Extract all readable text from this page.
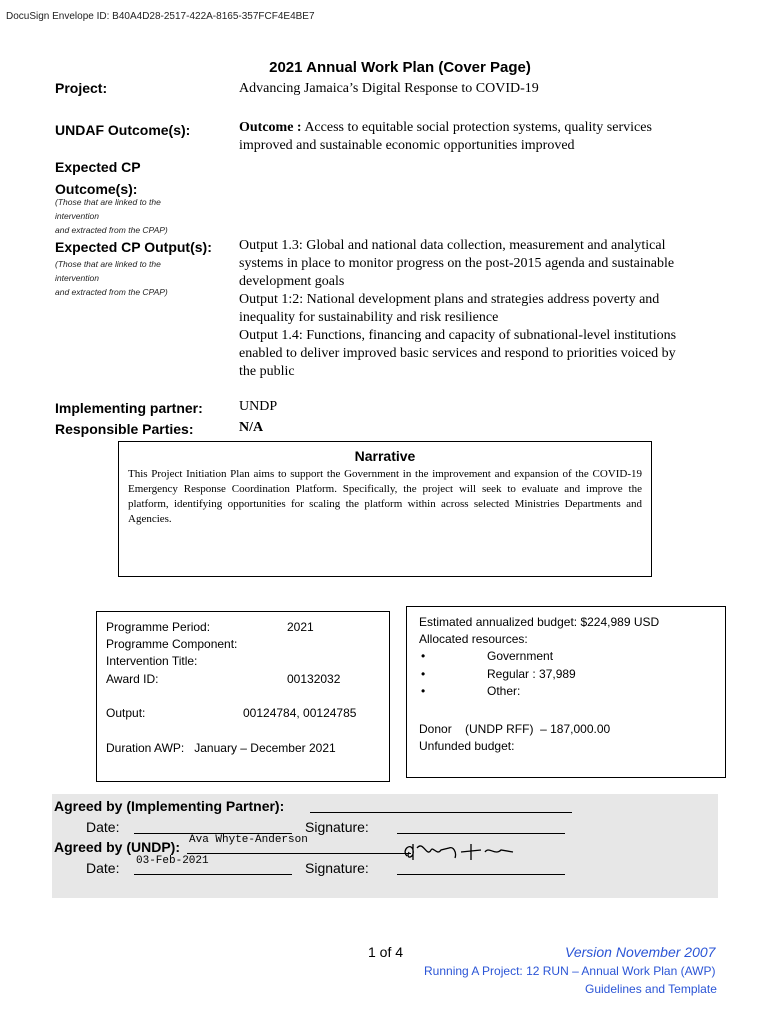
DocuSign Envelope ID: B40A4D28-2517-422A-8165-357FCF4E4BE7
2021 Annual Work Plan (Cover Page)
Project:	Advancing Jamaica’s Digital Response to COVID-19
UNDAF Outcome(s):	Outcome : Access to equitable social protection systems, quality services
improved and sustainable economic opportunities improved
Expected CP
Outcome(s):
(Those that are linked to the
intervention
and extracted from the CPAP)
Expected CP Output(s):
(Those that are linked to the
intervention
and extracted from the CPAP)
Output 1.3: Global and national data collection, measurement and analytical
systems in place to monitor progress on the post-2015 agenda and sustainable
development goals
Output 1:2: National development plans and strategies address poverty and
inequality for sustainability and risk resilience
Output 1.4: Functions, financing and capacity of subnational-level institutions
enabled to deliver improved basic services and respond to priorities voiced by
the public
Implementing partner:	UNDP
Responsible Parties:	N/A
Narrative
This Project Initiation Plan aims to support the Government in the improvement and expansion of the COVID-19 Emergency Response Coordination Platform. Specifically, the project will seek to evaluate and improve the platform, identifying opportunities for scaling the platform within across selected Ministries Departments and Agencies.
Programme Period:	2021
Programme Component:
Intervention Title:
Award ID:	00132032
Output:	00124784, 00124785
Duration AWP:   January – December 2021
Estimated annualized budget: $224,989 USD
Allocated resources:
•	Government
•	Regular : 37,989
•	Other:
Donor    (UNDP RFF)  – 187,000.00
Unfunded budget:
Agreed by (Implementing Partner):
Date:	Signature:
Agreed by (UNDP): Ava Whyte-Anderson
03-Feb-2021
Date:	Signature:
1 of 4	Version November 2007
Running A Project: 12 RUN – Annual Work Plan (AWP)
Guidelines and Template
